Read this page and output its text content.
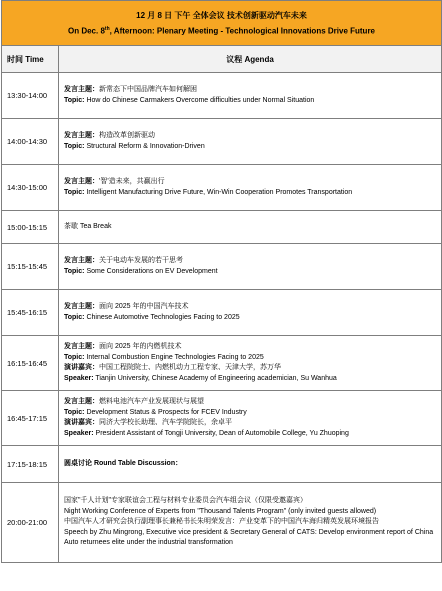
12 月 8 日 下午 全体会议 技术创新驱动汽车未来
On Dec. 8th, Afternoon: Plenary Meeting - Technological Innovations Drive Future	

时间 Time	议程 Agenda
13:30-14:00	发言主题：新常态下中国品牌汽车如何解困
Topic: How do Chinese Carmakers Overcome difficulties under Normal Situation

14:00-14:30	发言主题：构造改革创新驱动
Topic: Structural Reform & Innovation-Driven

14:30-15:00	发言主题：'智'造未来，共赢出行
Topic: Intelligent Manufacturing Drive Future, Win-Win Cooperation Promotes Transportation

15:00-15:15	茶歇 Tea Break

15:15-15:45	发言主题：关于电动车发展的若干思考
Topic: Some Considerations on EV Development

15:45-16:15	发言主题：面向 2025 年的中国汽车技术
Topic: Chinese Automotive Technologies Facing to 2025

16:15-16:45	发言主题：面向 2025 年的内燃机技术
Topic: Internal Combustion Engine Technologies Facing to 2025
演讲嘉宾：中国工程院院士、内燃机动力工程专家、天津大学，苏万华
Speaker: Tianjin University, Chinese Academy of Engineering academician, Su Wanhua

16:45-17:15	发言主题：燃料电池汽车产业发展现状与展望
Topic: Development Status & Prospects for FCEV Industry
演讲嘉宾：同济大学校长助理、汽车学院院长，余卓平
Speaker: President Assistant of Tongji University, Dean of Automobile College, Yu Zhuoping

17:15-18:15	圆桌讨论 Round Table Discussion：

20:00-21:00	国家"千人计划"专家联谊会工程与材料专业委员会汽车组会议（仅限受邀嘉宾）
Night Working Conference of Experts from "Thousand Talents Program" (only invited guests allowed)
中国汽车人才研究会执行副理事长兼秘书长朱明荣发言：产业变革下的中国汽车海归精英发展环境报告
Speech by Zhu Mingrong, Executive vice president & Secretary General of CATS: Develop environment report of China Auto returnees elite under the industrial transformation
